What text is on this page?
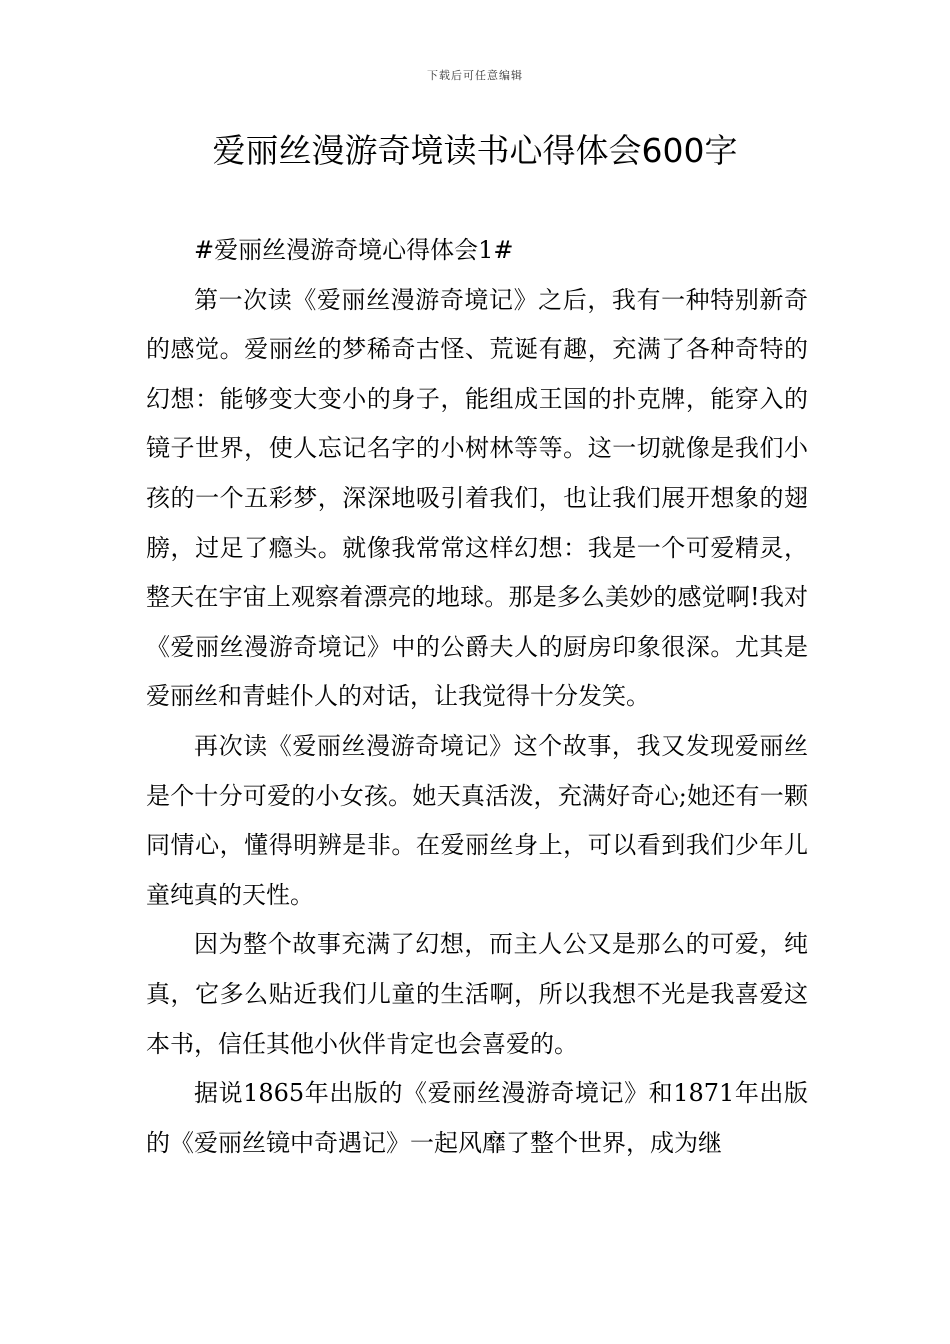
下载后可任意编辑
爱丽丝漫游奇境读书心得体会600字

#爱丽丝漫游奇境心得体会1#

第一次读《爱丽丝漫游奇境记》之后，我有一种特别新奇的感觉。爱丽丝的梦稀奇古怪、荒诞有趣，充满了各种奇特的幻想：能够变大变小的身子，能组成王国的扑克牌，能穿入的镜子世界，使人忘记名字的小树林等等。这一切就像是我们小孩的一个五彩梦，深深地吸引着我们，也让我们展开想象的翅膀，过足了瘾头。就像我常常这样幻想：我是一个可爱精灵，整天在宇宙上观察着漂亮的地球。那是多么美妙的感觉啊!我对《爱丽丝漫游奇境记》中的公爵夫人的厨房印象很深。尤其是爱丽丝和青蛙仆人的对话，让我觉得十分发笑。

再次读《爱丽丝漫游奇境记》这个故事，我又发现爱丽丝是个十分可爱的小女孩。她天真活泼，充满好奇心;她还有一颗同情心，懂得明辨是非。在爱丽丝身上，可以看到我们少年儿童纯真的天性。

因为整个故事充满了幻想，而主人公又是那么的可爱，纯真，它多么贴近我们儿童的生活啊，所以我想不光是我喜爱这本书，信任其他小伙伴肯定也会喜爱的。

据说1865年出版的《爱丽丝漫游奇境记》和1871年出版的《爱丽丝镜中奇遇记》一起风靡了整个世界，成为继
